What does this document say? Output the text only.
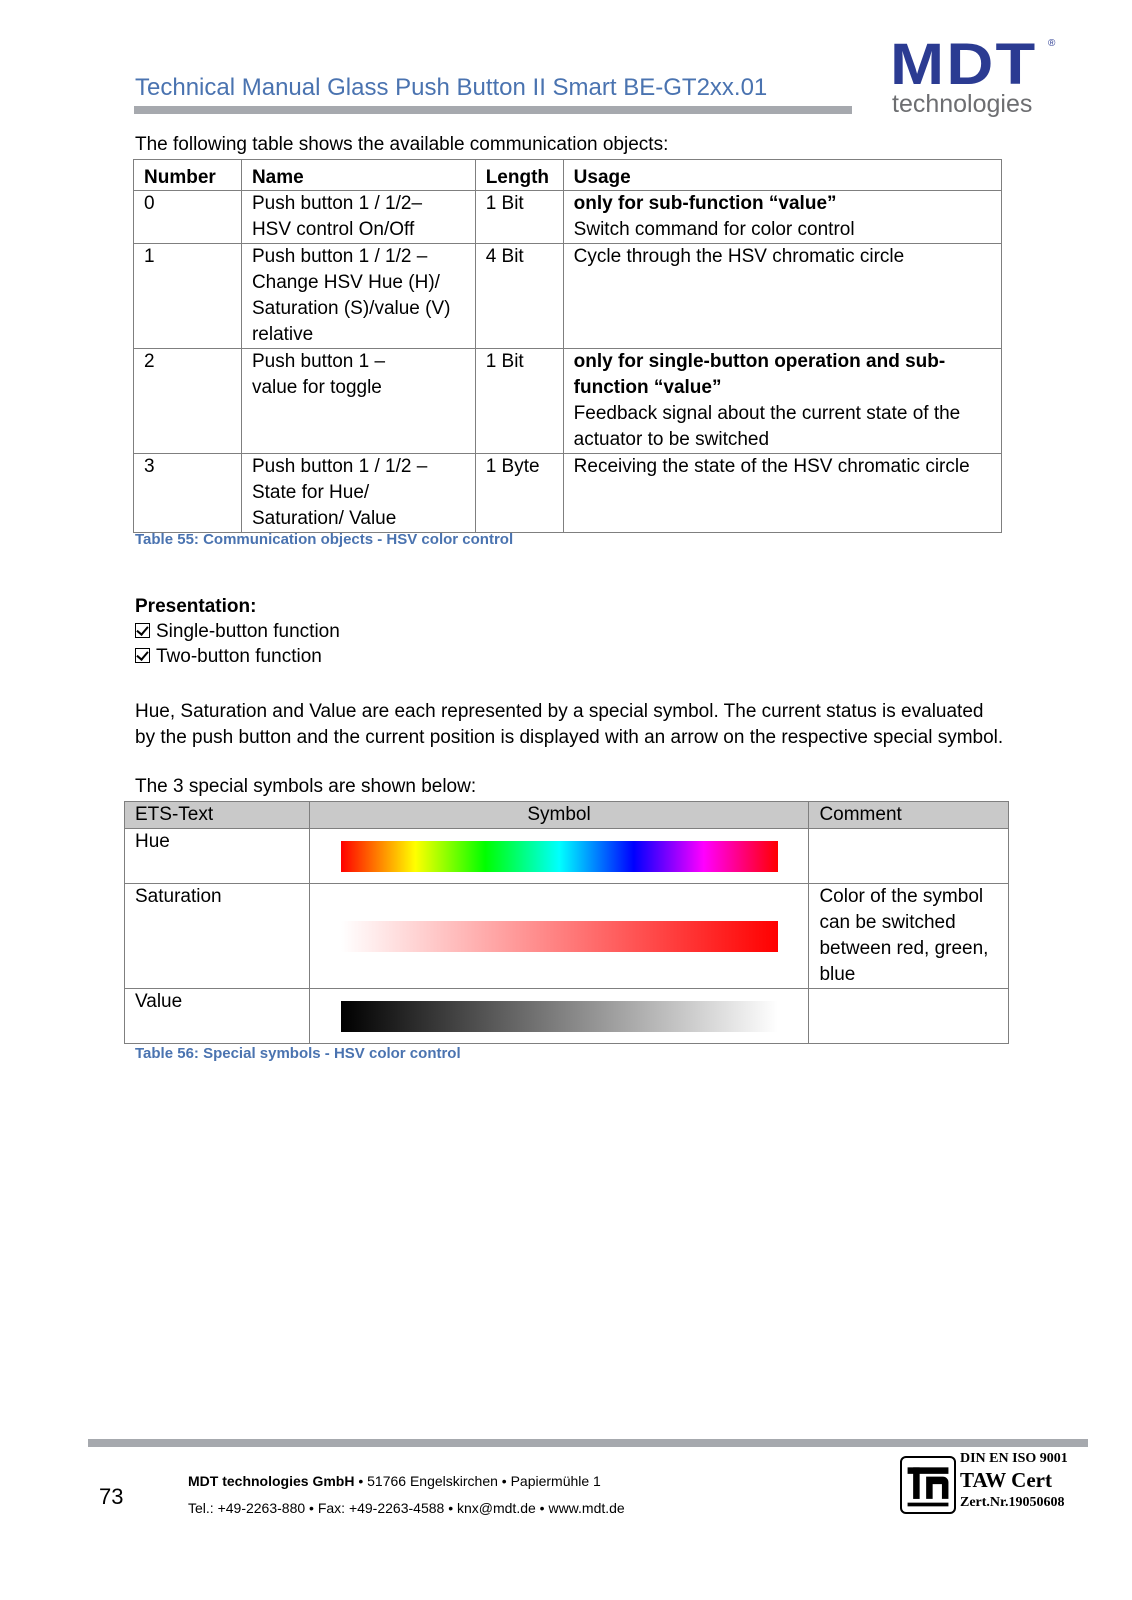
Technical Manual Glass Push Button II Smart BE-GT2xx.01 MDT ®
technologies
The following table shows the available communication objects:
Number	Name	Length	Usage
0	Push button 1 / 1/2–
HSV control On/Off	1 Bit	only for sub-function “value”
Switch command for color control

1	Push button 1 / 1/2 –
Change HSV Hue (H)/
Saturation (S)/value (V)
relative	4 Bit	Cycle through the HSV chromatic circle

2	Push button 1 –
value for toggle	1 Bit	only for single-button operation and sub-
function “value”
Feedback signal about the current state of the
actuator to be switched

3	Push button 1 / 1/2 –
State for Hue/
Saturation/ Value	1 Byte	Receiving the state of the HSV chromatic circle
Table 55: Communication objects - HSV color control
Presentation:
Single-button function
Two-button function
Hue, Saturation and Value are each represented by a special symbol. The current status is evaluated by the push button and the current position is displayed with an arrow on the respective special symbol.
The 3 special symbols are shown below:
ETS-Text	Symbol	Comment
Hue	

Saturation		Color of the symbol can be switched between red, green, blue
Value	

Table 56: Special symbols - HSV color control
73
MDT technologies GmbH • 51766 Engelskirchen • Papiermühle 1
Tel.: +49-2263-880 • Fax: +49-2263-4588 • knx@mdt.de • www.mdt.de
DIN EN ISO 9001
TAW Cert
Zert.Nr.19050608
